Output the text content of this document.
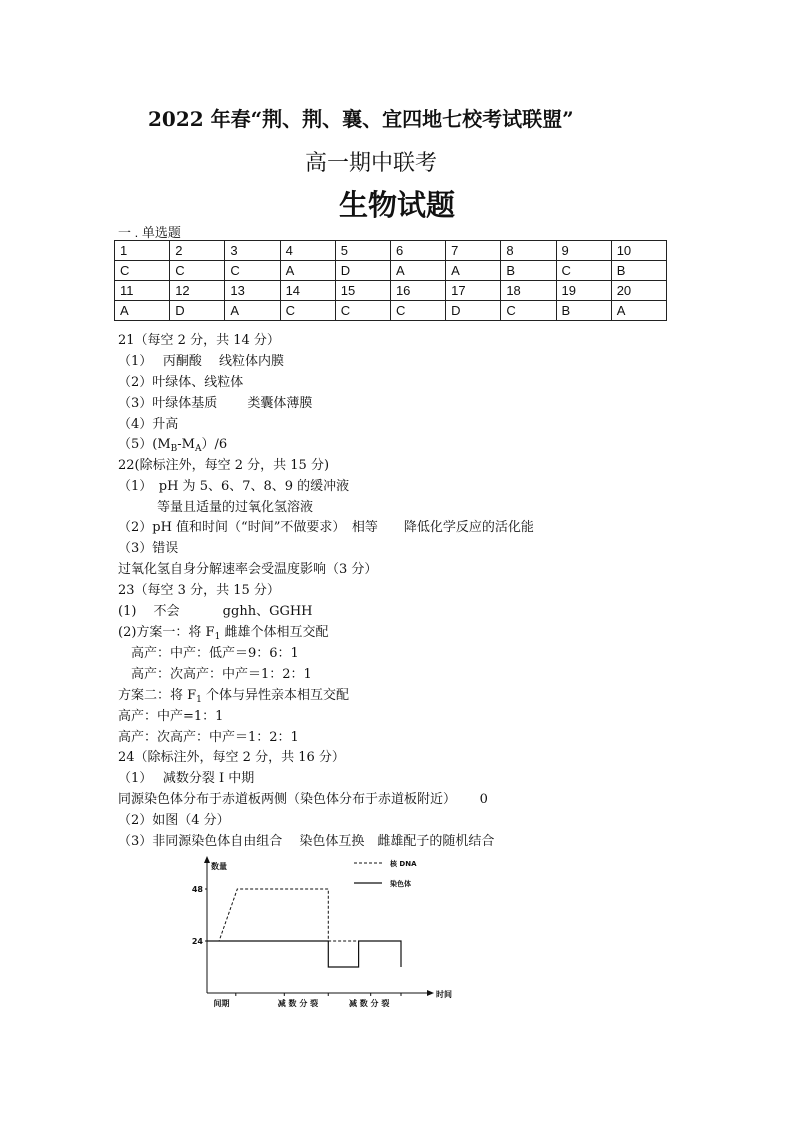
2022 年春“荆、荆、襄、宜四地七校考试联盟”
高一期中联考
生物试题
一 . 单选题
1	2	3	4	5	6	7	8	9	10
C	C	C	A	D	A	A	B	C	B
11	12	13	14	15	16	17	18	19	20
A	D	A	C	C	C	D	C	B	A
21（每空 2 分，共 14 分）
（1）　 丙酮酸　 线粒体内膜
（2）叶绿体、线粒体
（3）叶绿体基质　　 类囊体薄膜
（4）升高
$(5)(M_B-M_A)/6$
22(除标注外，每空 2 分，共 15 分)
（1）　pH 为 5、6、7、8、9 的缓冲液
　　　等量且适量的过氧化氢溶液
（2）pH 值和时间（“时间”不做要求）　相等　　降低化学反应的活化能
（3）错误
过氧化氢自身分解速率会受温度影响（3 分）
23（每空 3 分，共 15 分）
(1)　 不会　　　 gghh、GGHH
(2)方案一：将 $F_1$ 雌雄个体相互交配
　高产：中产：低产＝9：6：1
　高产：次高产：中产＝1：2：1
方案二：将 $F_1$ 个体与异性亲本相互交配
高产：中产=1：1
高产：次高产：中产＝1：2：1
24（除标注外，每空 2 分，共 16 分）
（1）　 减数分裂 I 中期
同源染色体分布于赤道板两侧（染色体分布于赤道板附近）　　 0
（2）如图（4 分）
（3）非同源染色体自由组合　 染色体互换　雌雄配子的随机结合
数量
时间
48
24
间期	减 数 分 裂	减 数 分 裂
核 DNA
染色体
